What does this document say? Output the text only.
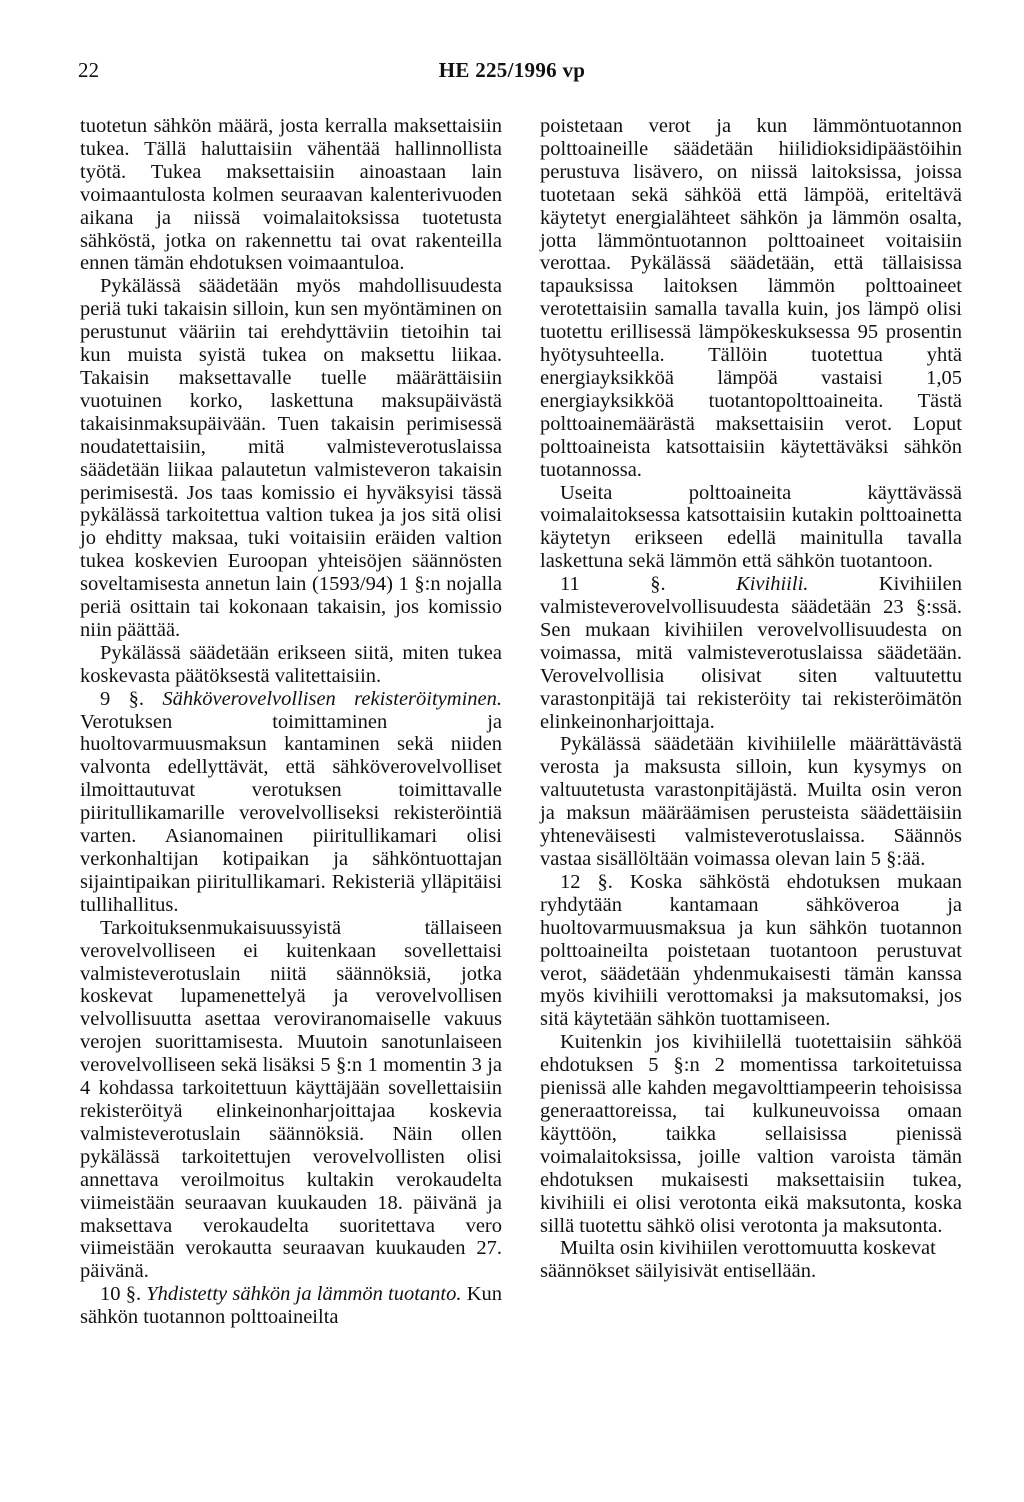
22	HE 225/1996 vp

tuotetun sähkön määrä, josta kerralla maksettaisiin tukea. Tällä haluttaisiin vähentää hallinnollista työtä. Tukea maksettaisiin ainoastaan lain voimaantulosta kolmen seuraavan kalenterivuoden aikana ja niissä voimalaitoksissa tuotetusta sähköstä, jotka on rakennettu tai ovat rakenteilla ennen tämän ehdotuksen voimaantuloa.

Pykälässä säädetään myös mahdollisuudesta periä tuki takaisin silloin, kun sen myöntäminen on perustunut vääriin tai erehdyttäviin tietoihin tai kun muista syistä tukea on maksettu liikaa. Takaisin maksettavalle tuelle määrättäisiin vuotuinen korko, laskettuna maksupäivästä takaisinmaksupäivään. Tuen takaisin perimisessä noudatettaisiin, mitä valmisteverotuslaissa säädetään liikaa palautetun valmisteveron takaisin perimisestä. Jos taas komissio ei hyväksyisi tässä pykälässä tarkoitettua valtion tukea ja jos sitä olisi jo ehditty maksaa, tuki voitaisiin eräiden valtion tukea koskevien Euroopan yhteisöjen säännösten soveltamisesta annetun lain (1593/94) 1 §:n nojalla periä osittain tai kokonaan takaisin, jos komissio niin päättää.

Pykälässä säädetään erikseen siitä, miten tukea koskevasta päätöksestä valitettaisiin.

9 §. Sähköverovelvollisen rekisteröityminen. Verotuksen toimittaminen ja huoltovarmuusmaksun kantaminen sekä niiden valvonta edellyttävät, että sähköverovelvolliset ilmoittautuvat verotuksen toimittavalle piiritullikamarille verovelvolliseksi rekisteröintiä varten. Asianomainen piiritullikamari olisi verkonhaltijan kotipaikan ja sähköntuottajan sijaintipaikan piiritullikamari. Rekisteriä ylläpitäisi tullihallitus.

Tarkoituksenmukaisuussyistä tällaiseen verovelvolliseen ei kuitenkaan sovellettaisi valmisteverotuslain niitä säännöksiä, jotka koskevat lupamenettelyä ja verovelvollisen velvollisuutta asettaa veroviranomaiselle vakuus verojen suorittamisesta. Muutoin sanotunlaiseen verovelvolliseen sekä lisäksi 5 §:n 1 momentin 3 ja 4 kohdassa tarkoitettuun käyttäjään sovellettaisiin rekisteröityä elinkeinonharjoittajaa koskevia valmisteverotuslain säännöksiä. Näin ollen pykälässä tarkoitettujen verovelvollisten olisi annettava veroilmoitus kultakin verokaudelta viimeistään seuraavan kuukauden 18. päivänä ja maksettava verokaudelta suoritettava vero viimeistään verokautta seuraavan kuukauden 27. päivänä.

10 §. Yhdistetty sähkön ja lämmön tuotanto. Kun sähkön tuotannon polttoaineilta

poistetaan verot ja kun lämmöntuotannon polttoaineille säädetään hiilidioksidipäästöihin perustuva lisävero, on niissä laitoksissa, joissa tuotetaan sekä sähköä että lämpöä, eriteltävä käytetyt energialähteet sähkön ja lämmön osalta, jotta lämmöntuotannon polttoaineet voitaisiin verottaa. Pykälässä säädetään, että tällaisissa tapauksissa laitoksen lämmön polttoaineet verotettaisiin samalla tavalla kuin, jos lämpö olisi tuotettu erillisessä lämpökeskuksessa 95 prosentin hyötysuhteella. Tällöin tuotettua yhtä energiayksikköä lämpöä vastaisi 1,05 energiayksikköä tuotantopolttoaineita. Tästä polttoainemäärästä maksettaisiin verot. Loput polttoaineista katsottaisiin käytettäväksi sähkön tuotannossa.

Useita polttoaineita käyttävässä voimalaitoksessa katsottaisiin kutakin polttoainetta käytetyn erikseen edellä mainitulla tavalla laskettuna sekä lämmön että sähkön tuotantoon.

11 §.	Kivihiili.	Kivihiilen valmisteverovelvollisuudesta säädetään 23 §:ssä. Sen mukaan kivihiilen verovelvollisuudesta on voimassa, mitä valmisteverotuslaissa säädetään. Verovelvollisia olisivat siten valtuutettu varastonpitäjä tai rekisteröity tai rekisteröimätön elinkeinonharjoittaja.

Pykälässä säädetään kivihiilelle määrättävästä verosta ja maksusta silloin, kun kysymys on valtuutetusta varastonpitäjästä. Muilta osin veron ja maksun määräämisen perusteista säädettäisiin yhteneväisesti valmisteverotuslaissa. Säännös vastaa sisällöltään voimassa olevan lain 5 §:ää.

12 §. Koska sähköstä ehdotuksen mukaan ryhdytään kantamaan sähköveroa ja huoltovarmuusmaksua ja kun sähkön tuotannon polttoaineilta poistetaan tuotantoon perustuvat verot, säädetään yhdenmukaisesti tämän kanssa myös kivihiili verottomaksi ja maksutomaksi, jos sitä käytetään sähkön tuottamiseen.

Kuitenkin jos kivihiilellä tuotettaisiin sähköä ehdotuksen 5 §:n 2 momentissa tarkoitetuissa pienissä alle kahden megavolttiampeerin tehoisissa generaattoreissa, tai kulkuneuvoissa omaan käyttöön, taikka sellaisissa pienissä voimalaitoksissa, joille valtion varoista tämän ehdotuksen mukaisesti maksettaisiin tukea, kivihiili ei olisi verotonta eikä maksutonta, koska sillä tuotettu sähkö olisi verotonta ja maksutonta.

Muilta osin kivihiilen verottomuutta koskevat säännökset säilyisivät entisellään.
